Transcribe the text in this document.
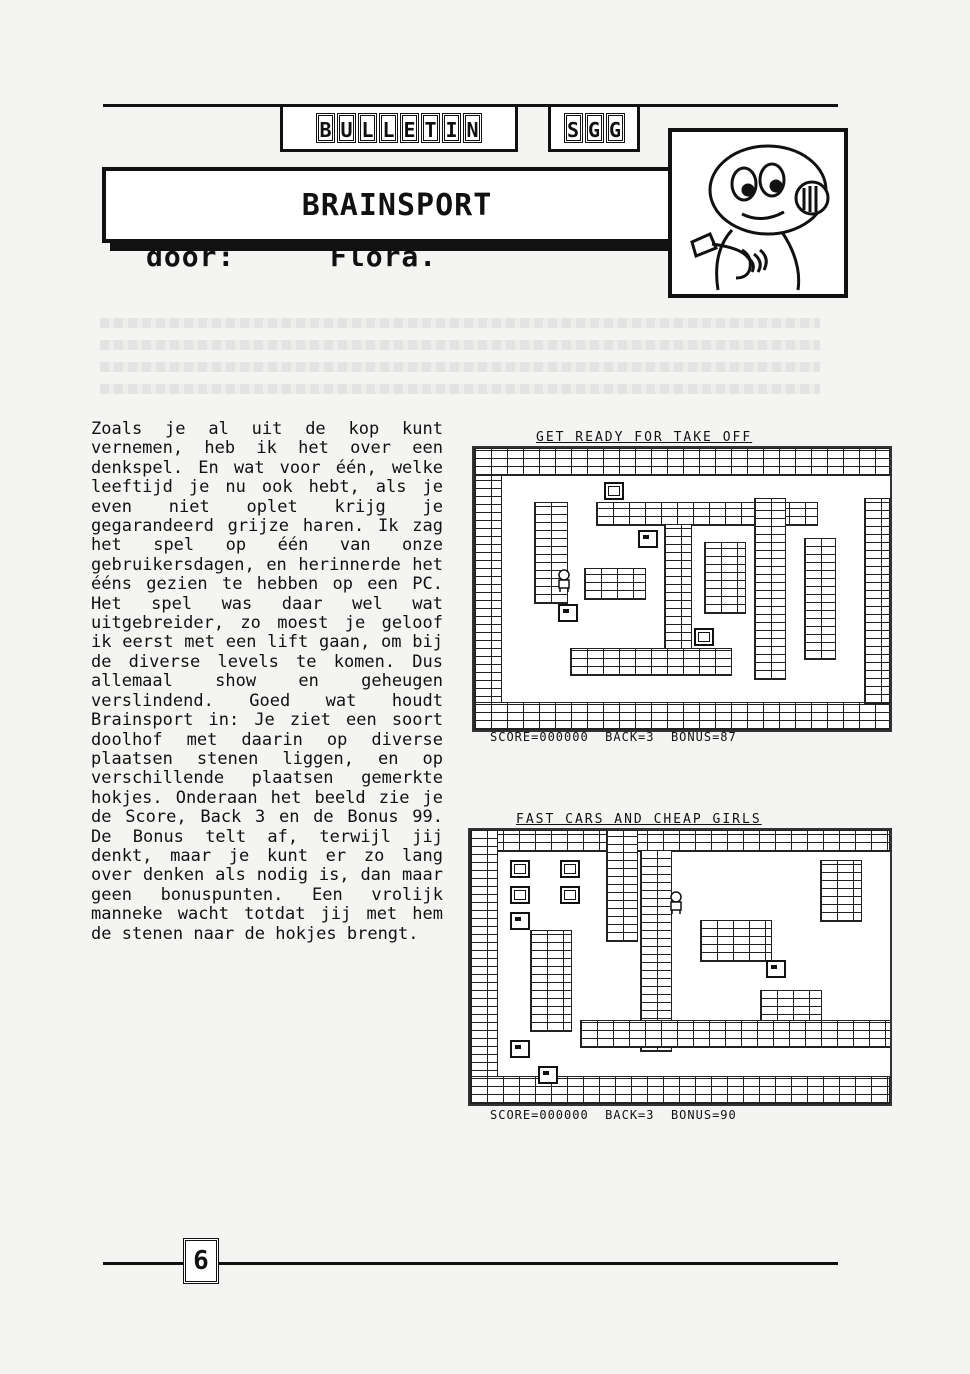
B U L L E T I N	S G G
BRAINSPORT
door:	Flora.
Zoals je al uit de kop kunt vernemen, heb ik het over een denkspel. En wat voor één, welke leeftijd je nu ook hebt, als je even niet oplet krijg je gegarandeerd grijze haren. Ik zag het spel op één van onze gebruikersdagen, en herinnerde het ééns gezien te hebben op een PC. Het spel was daar wel wat uitgebreider, zo moest je geloof ik eerst met een lift gaan, om bij de diverse levels te komen. Dus allemaal show en geheugen verslindend. Goed wat houdt Brainsport in: Je ziet een soort doolhof met daarin op diverse plaatsen stenen liggen, en op verschillende plaatsen gemerkte hokjes. Onderaan het beeld zie je de Score, Back 3 en de Bonus 99. De Bonus telt af, terwijl jij denkt, maar je kunt er zo lang over denken als nodig is, dan maar geen bonuspunten. Een vrolijk manneke wacht totdat jij met hem de stenen naar de hokjes brengt.
GET READY FOR TAKE OFF
SCORE=000000  BACK=3  BONUS=87
FAST CARS AND CHEAP GIRLS
SCORE=000000  BACK=3  BONUS=90
6
